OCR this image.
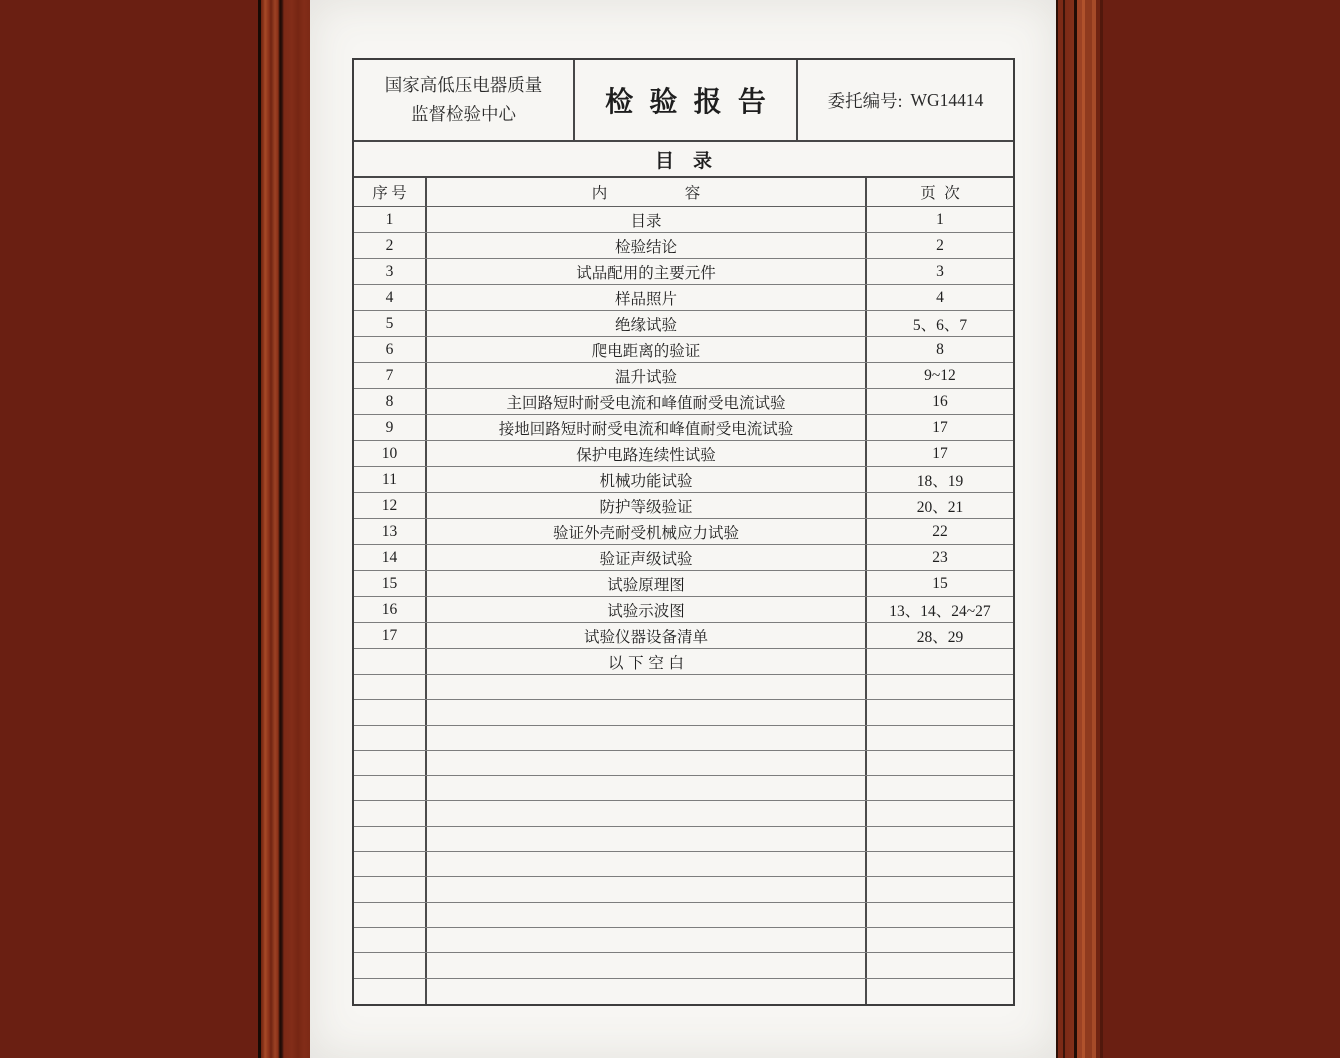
国家高低压电器质量
监督检验中心	检验报告	委托编号: WG14414
目录
序号	内容	页次
1	目录	1
2	检验结论	2
3	试品配用的主要元件	3
4	样品照片	4
5	绝缘试验	5、6、7
6	爬电距离的验证	8
7	温升试验	9~12
8	主回路短时耐受电流和峰值耐受电流试验	16
9	接地回路短时耐受电流和峰值耐受电流试验	17
10	保护电路连续性试验	17
11	机械功能试验	18、19
12	防护等级验证	20、21
13	验证外壳耐受机械应力试验	22
14	验证声级试验	23
15	试验原理图	15
16	试验示波图	13、14、24~27
17	试验仪器设备清单	28、29
以下空白
